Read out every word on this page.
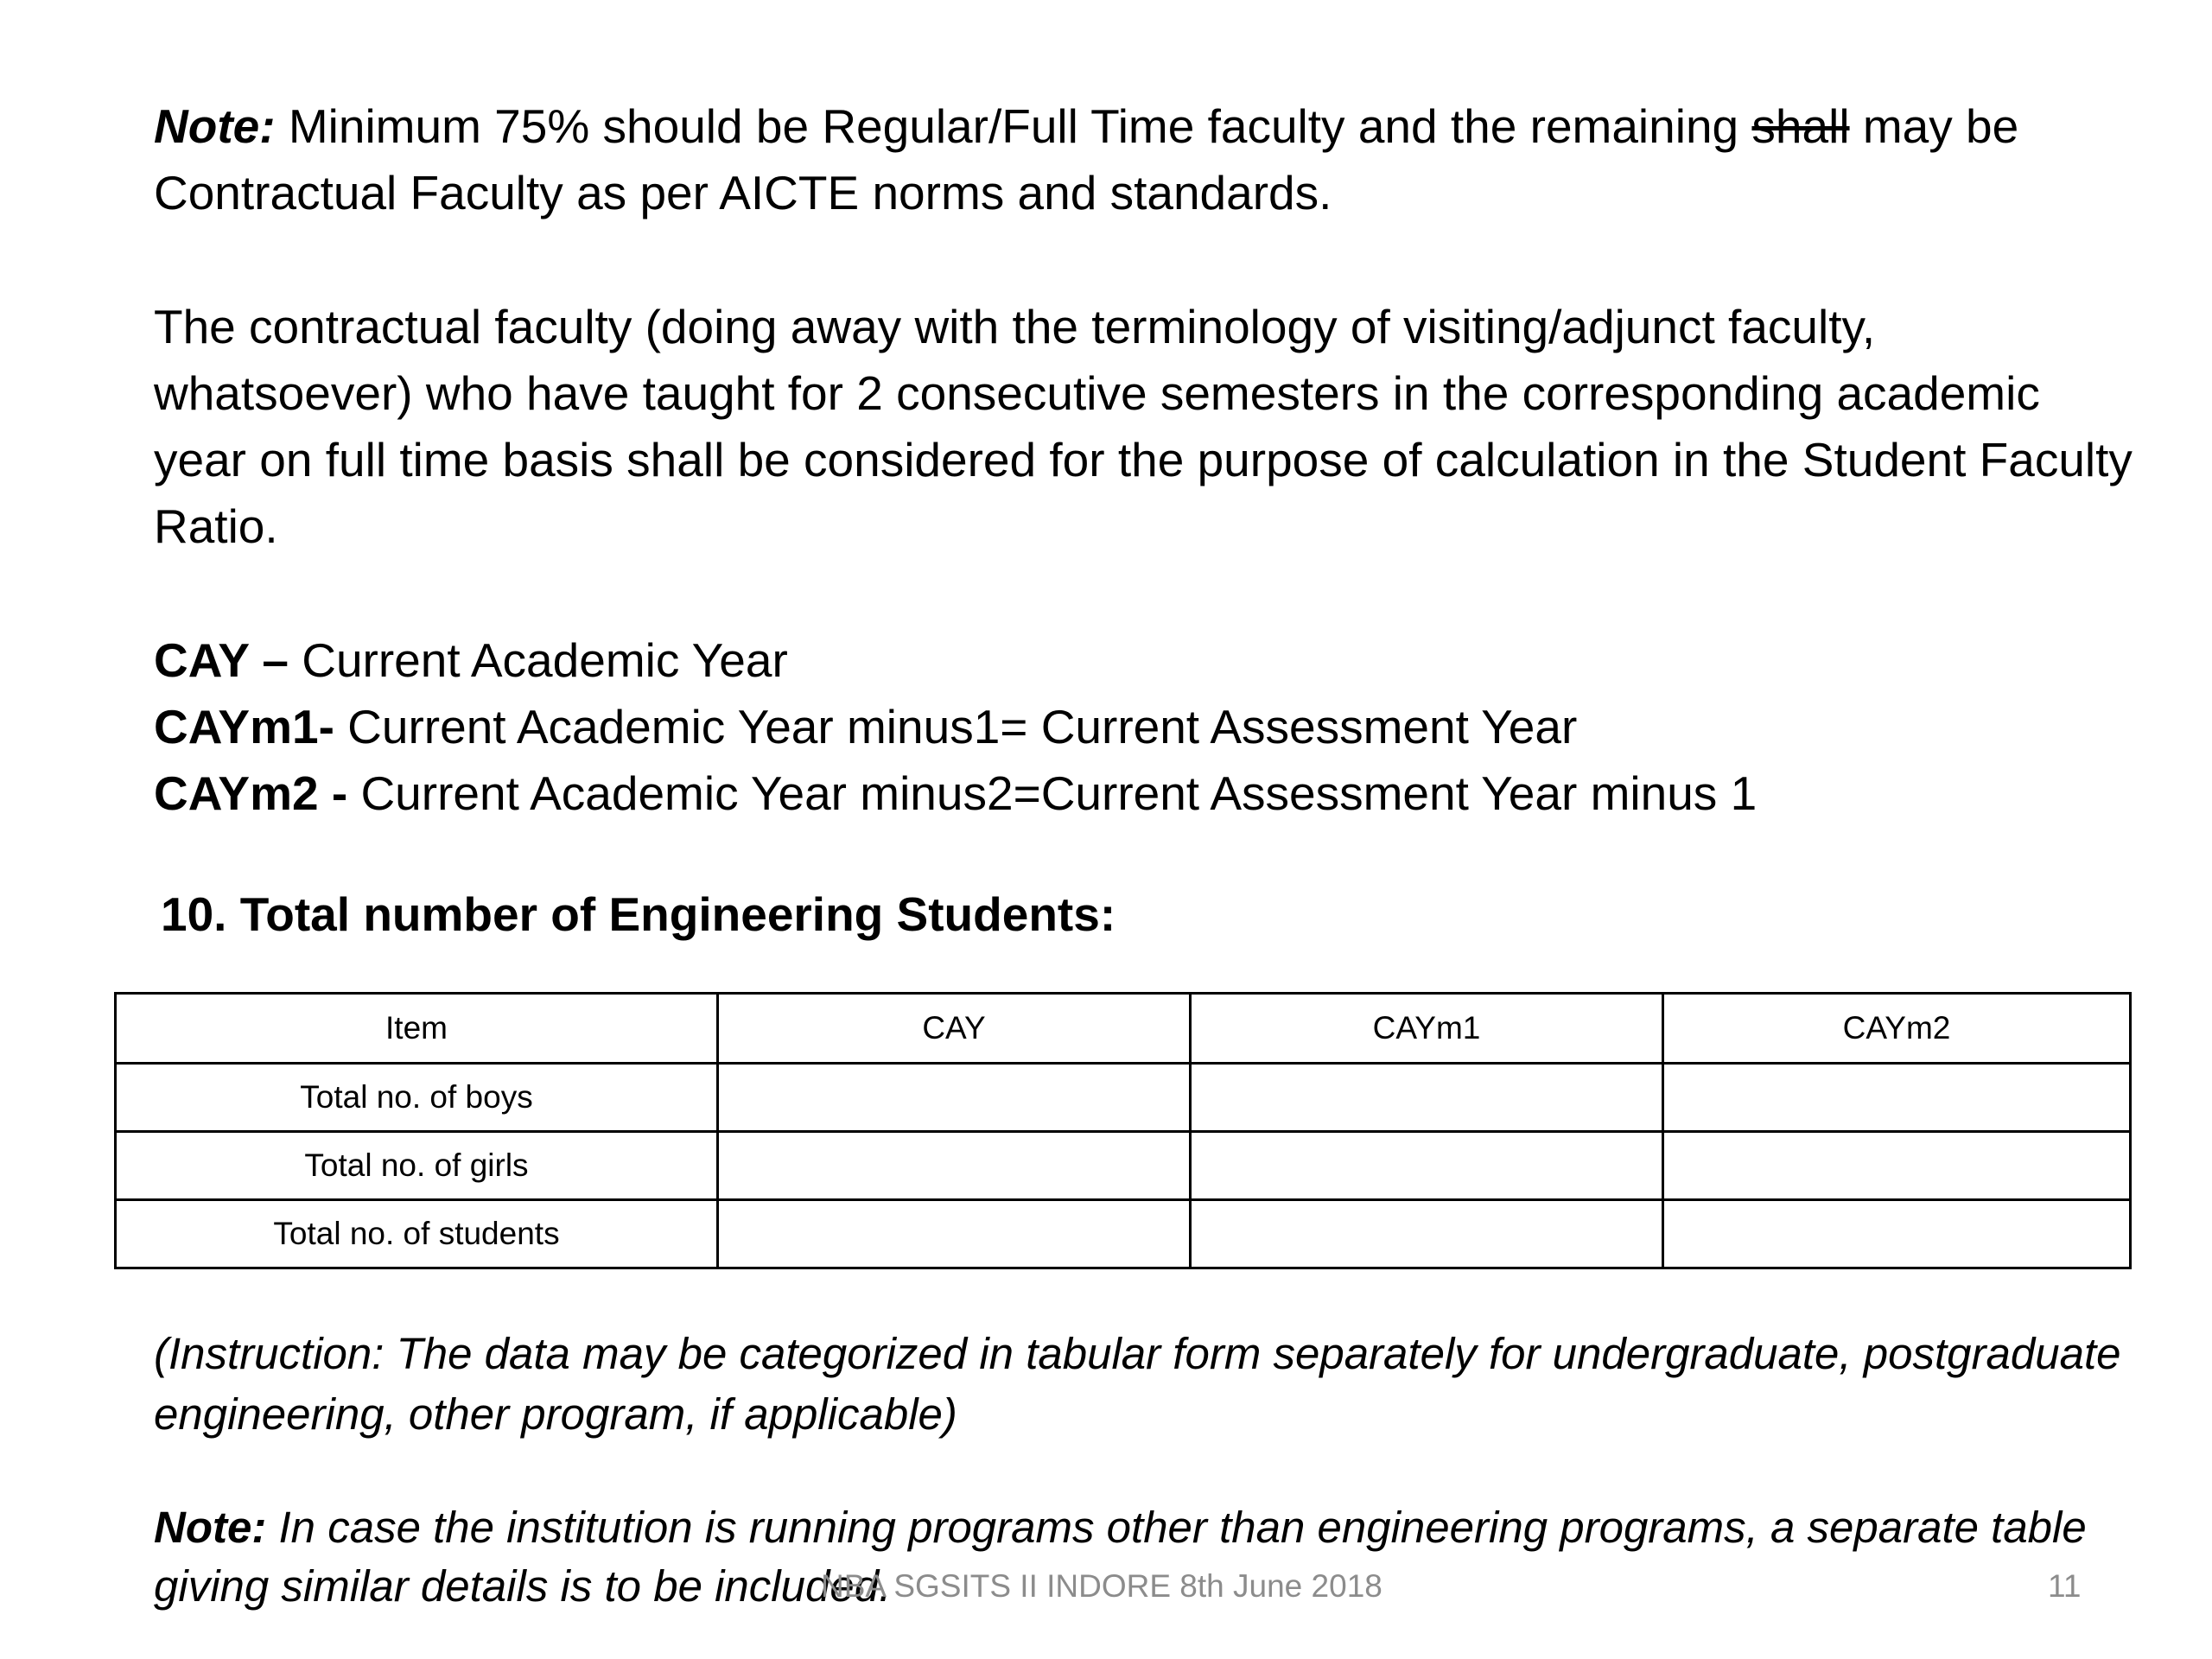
Note: Minimum 75% should be Regular/Full Time faculty and the remaining shall may be Contractual Faculty as per AICTE norms and standards.

The contractual faculty (doing away with the terminology of visiting/adjunct faculty, whatsoever) who have taught for 2 consecutive semesters in the corresponding academic year on full time basis shall be considered for the purpose of calculation in the Student Faculty Ratio.

CAY – Current Academic Year
CAYm1- Current Academic Year minus1= Current Assessment Year
CAYm2 - Current Academic Year minus2=Current Assessment Year minus 1
10. Total number of Engineering Students:
Item	CAY	CAYm1	CAYm2
Total no. of boys			
Total no. of girls			
Total no. of students			

(Instruction: The data may be categorized in tabular form separately for undergraduate, postgraduate engineering, other program, if applicable)

Note: In case the institution is running programs other than engineering programs, a separate table giving similar details is to be included.

NBA SGSITS II INDORE 8th June 2018	11
